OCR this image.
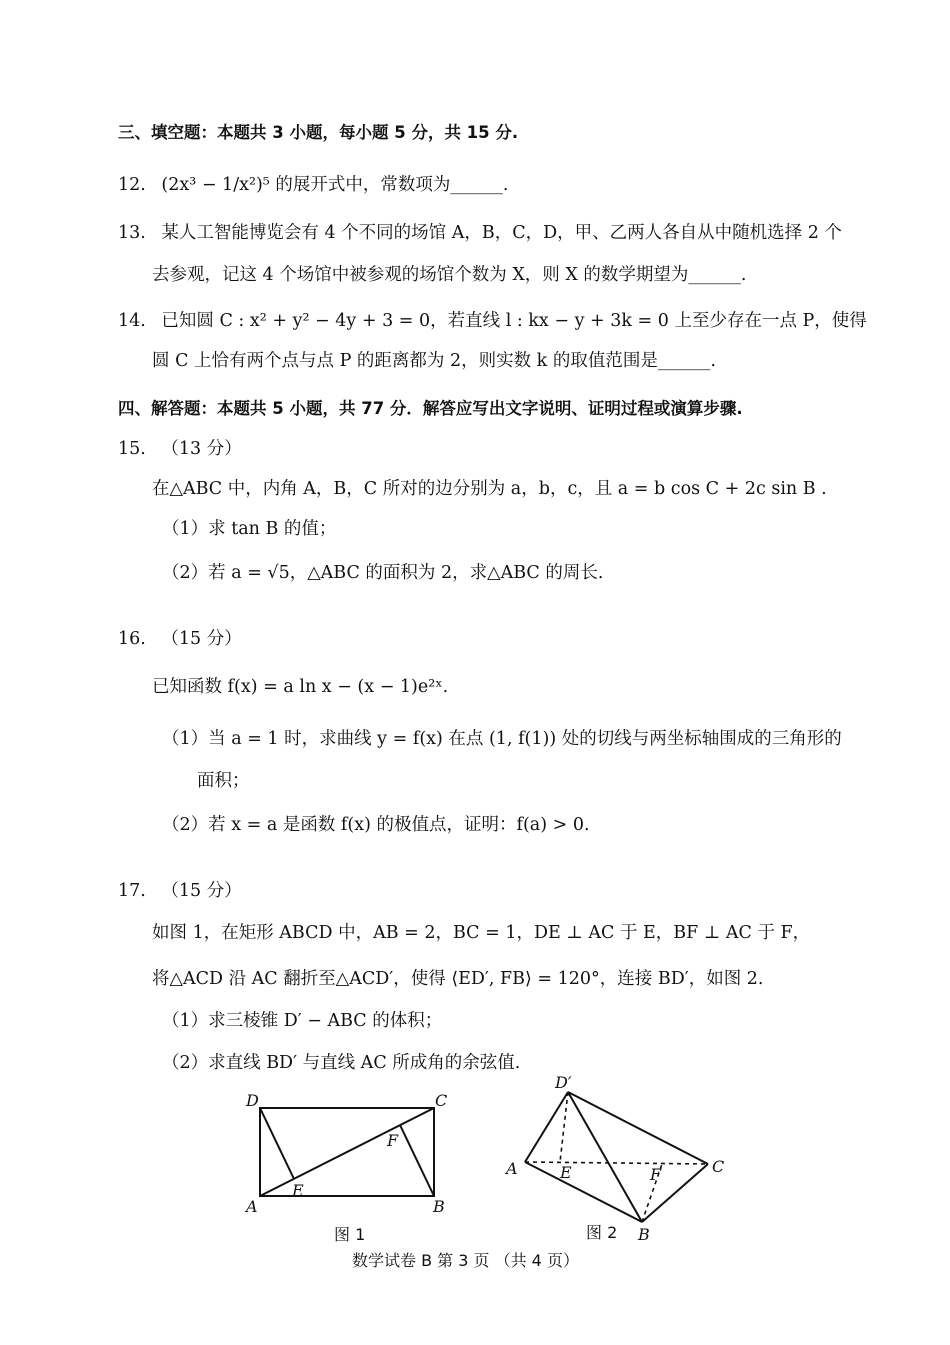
三、填空题：本题共 3 小题，每小题 5 分，共 15 分.
12. (2x³ − 1/x²)⁵ 的展开式中，常数项为______.
13. 某人工智能博览会有 4 个不同的场馆 A，B，C，D，甲、乙两人各自从中随机选择 2 个
去参观，记这 4 个场馆中被参观的场馆个数为 X，则 X 的数学期望为______.
14. 已知圆 C : x² + y² − 4y + 3 = 0，若直线 l : kx − y + 3k = 0 上至少存在一点 P，使得
圆 C 上恰有两个点与点 P 的距离都为 2，则实数 k 的取值范围是______.
四、解答题：本题共 5 小题，共 77 分．解答应写出文字说明、证明过程或演算步骤.
15. （13 分）
在△ABC 中，内角 A，B，C 所对的边分别为 a，b，c，且 a = b cos C + 2c sin B .
（1）求 tan B 的值；
（2）若 a = √5，△ABC 的面积为 2，求△ABC 的周长.
16. （15 分）
已知函数 f(x) = a ln x − (x − 1)e²ˣ.
（1）当 a = 1 时，求曲线 y = f(x) 在点 (1, f(1)) 处的切线与两坐标轴围成的三角形的
面积；
（2）若 x = a 是函数 f(x) 的极值点，证明：f(a) > 0.
17. （15 分）
如图 1，在矩形 ABCD 中，AB = 2，BC = 1，DE ⊥ AC 于 E，BF ⊥ AC 于 F，
将△ACD 沿 AC 翻折至△ACD′，使得 ⟨ED′, FB⟩ = 120°，连接 BD′，如图 2.
（1）求三棱锥 D′ − ABC 的体积；
（2）求直线 BD′ 与直线 AC 所成角的余弦值.
D	C
A	B
E
F
图 1
D′
A	C
E	F
B
图 2
数学试卷 B 第 3 页 （共 4 页）
